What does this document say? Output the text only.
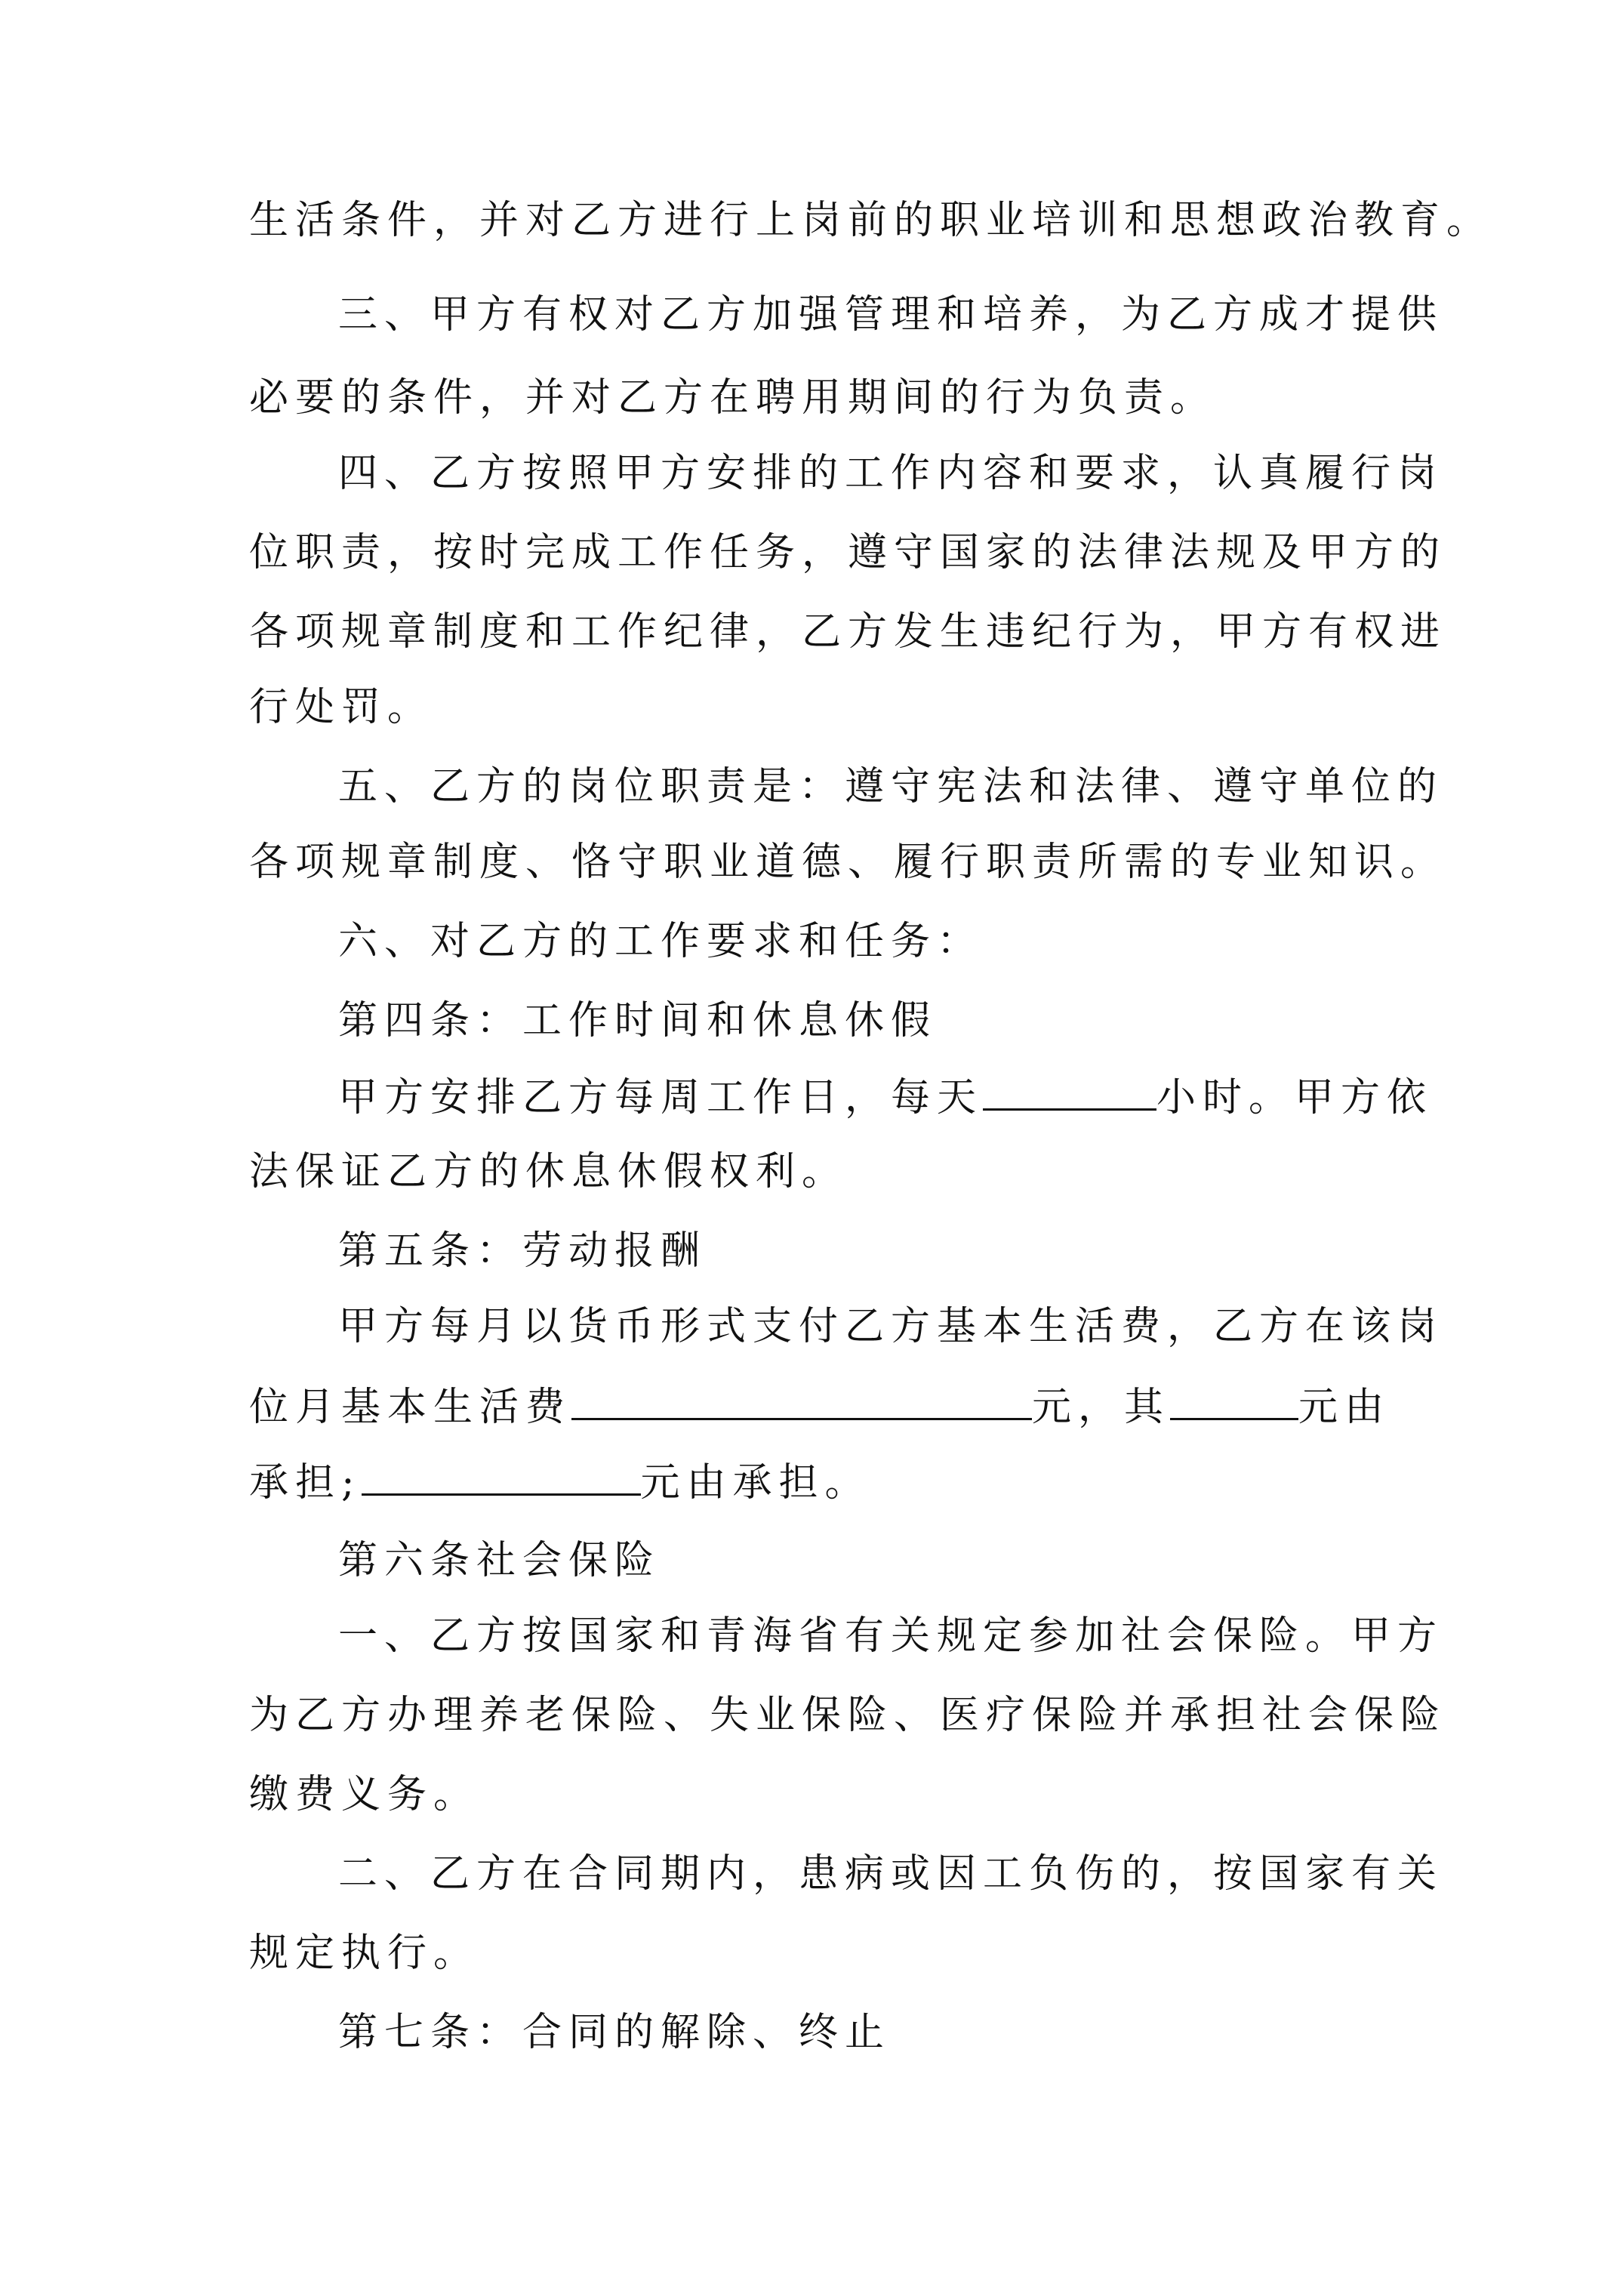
生活条件，并对乙方进行上岗前的职业培训和思想政治教育。
三、甲方有权对乙方加强管理和培养，为乙方成才提供
必要的条件，并对乙方在聘用期间的行为负责。
四、乙方按照甲方安排的工作内容和要求，认真履行岗
位职责，按时完成工作任务，遵守国家的法律法规及甲方的
各项规章制度和工作纪律，乙方发生违纪行为，甲方有权进
行处罚。
五、乙方的岗位职责是：遵守宪法和法律、遵守单位的
各项规章制度、恪守职业道德、履行职责所需的专业知识。
六、对乙方的工作要求和任务：
第四条：工作时间和休息休假
甲方安排乙方每周工作日，每天	小时。甲方依
法保证乙方的休息休假权利。
第五条：劳动报酬
甲方每月以货币形式支付乙方基本生活费，乙方在该岗
位月基本生活费	元，其	元由
承担;	元由承担。
第六条社会保险
一、乙方按国家和青海省有关规定参加社会保险。甲方
为乙方办理养老保险、失业保险、医疗保险并承担社会保险
缴费义务。
二、乙方在合同期内，患病或因工负伤的，按国家有关
规定执行。
第七条：合同的解除、终止
